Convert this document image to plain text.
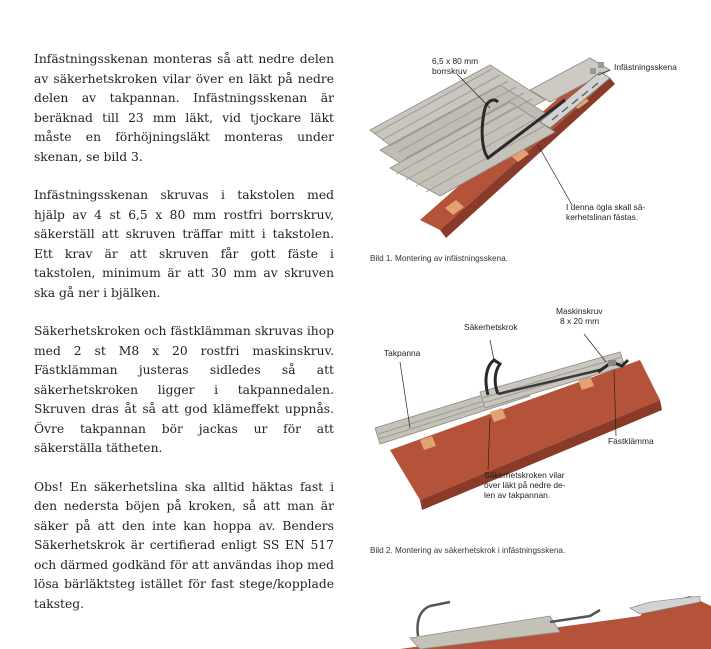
Infästningsskenan monteras så att nedre delen av säkerhetskroken vilar över en läkt på nedre delen av takpannan. Infästningsskenan är beräknad till 23 mm läkt, vid tjockare läkt måste en förhöjningsläkt monteras under skenan, se bild 3.

Infästningsskenan skruvas i takstolen med hjälp av 4 st 6,5 x 80 mm rostfri borrskruv, säkerställ att skruven träffar mitt i takstolen. Ett krav är att skruven får gott fäste i takstolen, minimum är att 30 mm av skruven ska gå ner i bjälken.

Säkerhetskroken och fästklämman skruvas ihop med 2 st M8 x 20 rostfri maskinskruv. Fästklämman justeras sidledes så att säkerhetskroken ligger i takpannedalen. Skruven dras åt så att god klämeffekt uppnås. Övre takpannan bör jackas ur för att säkerställa tätheten.

Obs! En säkerhetslina ska alltid häktas fast i den nedersta böjen på kroken, så att man är säker på att den inte kan hoppa av. Benders Säkerhetskrok är certifierad enligt SS EN 517 och därmed godkänd för att användas ihop med lösa bärläktsteg istället för fast stege/kopplade taksteg.

6,5 x 80 mm
borrskruv	Infästningsskena
I denna ögla skall sä-
kerhetslinan fästas.
Bild 1. Montering av infästningsskena.
Säkerhetskrok
Maskinskruv
8 x 20 mm
Takpanna
Fästklämma
Säkerhetskroken vilar
över läkt på nedre de-
len av takpannan.
Bild 2. Montering av säkerhetskrok i infästningsskena.
